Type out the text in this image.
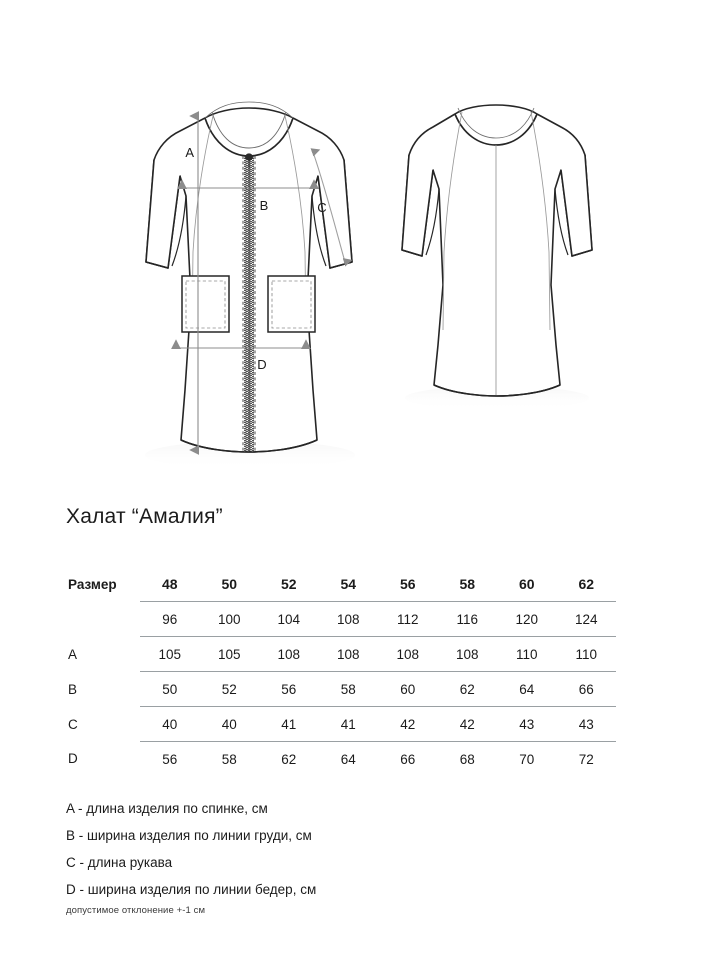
A
B	C
D
Халат “Амалия”
Размер	48	50	52	54	56	58	60	62
	96	100	104	108	112	116	120	124
A	105	105	108	108	108	108	110	110
B	50	52	56	58	60	62	64	66
C	40	40	41	41	42	42	43	43
D	56	58	62	64	66	68	70	72
A - длина изделия по спинке, см
B - ширина изделия по линии груди, см
C - длина рукава
D - ширина изделия по линии бедер, см
допустимое отклонение +-1 см
